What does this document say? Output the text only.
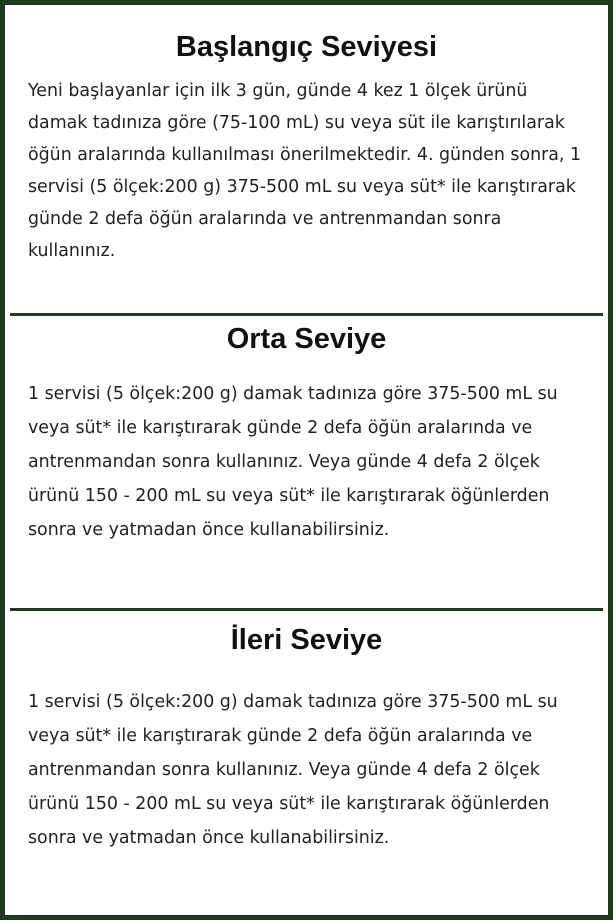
Başlangıç Seviyesi

Yeni başlayanlar için ilk 3 gün, günde 4 kez 1 ölçek ürünü damak tadınıza göre (75-100 mL) su veya süt ile karıştırılarak öğün aralarında kullanılması önerilmektedir. 4. günden sonra, 1 servisi (5 ölçek:200 g) 375-500 mL su veya süt* ile karıştırarak günde 2 defa öğün aralarında ve antrenmandan sonra kullanınız.

Orta Seviye

1 servisi (5 ölçek:200 g) damak tadınıza göre 375-500 mL su veya süt* ile karıştırarak günde 2 defa öğün aralarında ve antrenmandan sonra kullanınız. Veya günde 4 defa 2 ölçek ürünü 150 - 200 mL su veya süt* ile karıştırarak öğünlerden sonra ve yatmadan önce kullanabilirsiniz.

İleri Seviye

1 servisi (5 ölçek:200 g) damak tadınıza göre 375-500 mL su veya süt* ile karıştırarak günde 2 defa öğün aralarında ve antrenmandan sonra kullanınız. Veya günde 4 defa 2 ölçek ürünü 150 - 200 mL su veya süt* ile karıştırarak öğünlerden sonra ve yatmadan önce kullanabilirsiniz.
